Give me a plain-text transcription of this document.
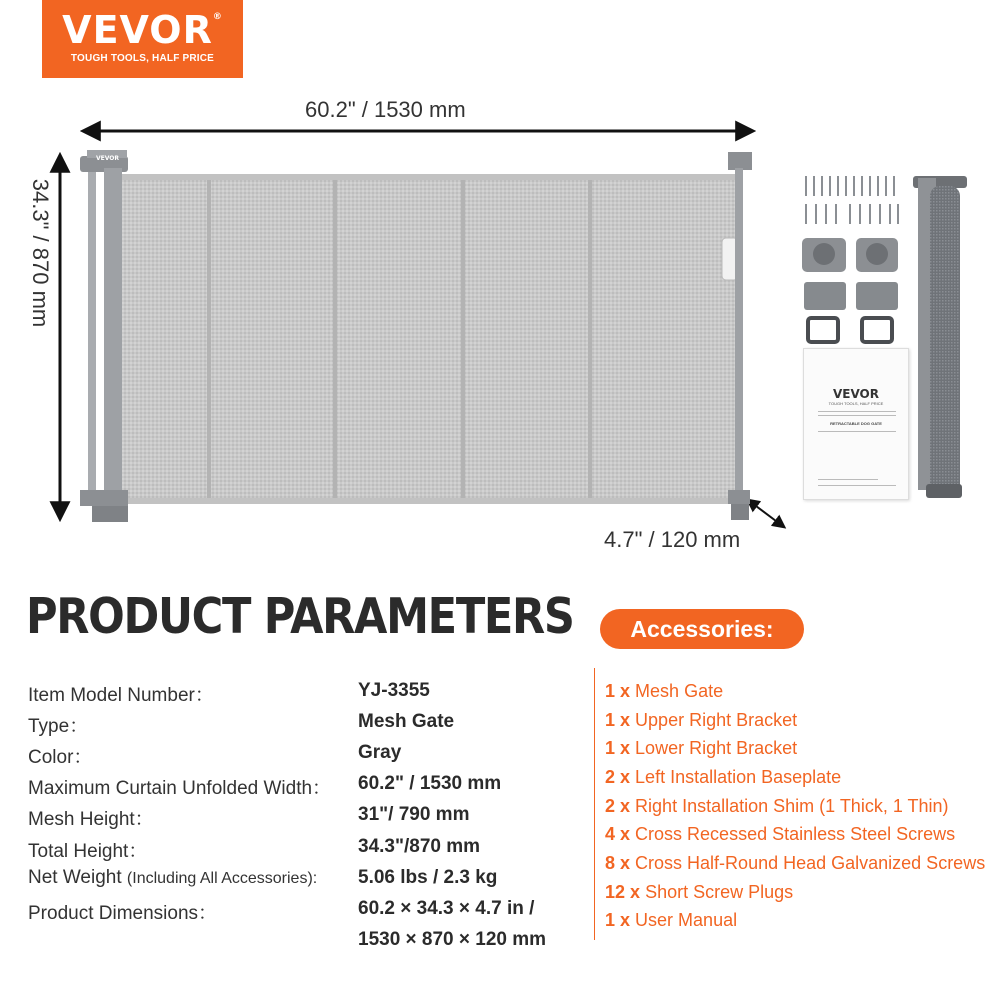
VEVOR®
TOUGH TOOLS, HALF PRICE
VEVOR
VEVOR
TOUGH TOOLS, HALF PRICE
RETRACTABLE DOG GATE
60.2" / 1530 mm
34.3" / 870 mm
4.7" / 120 mm
PRODUCT PARAMETERS
Item Model Number：	YJ-3355
Type：	Mesh Gate
Color：	Gray
Maximum Curtain Unfolded Width： 60.2" / 1530 mm
Mesh Height：	31"/ 790 mm
Total Height：	34.3"/870 mm
Net Weight (Including All Accessories): 5.06 lbs / 2.3 kg
Product Dimensions：	60.2 × 34.3 × 4.7 in /
1530 × 870 × 120 mm
Accessories:
1 x Mesh Gate
1 x Upper Right Bracket
1 x Lower Right Bracket
2 x Left Installation Baseplate
2 x Right Installation Shim (1 Thick, 1 Thin)
4 x Cross Recessed Stainless Steel Screws
8 x Cross Half-Round Head Galvanized Screws
12 x Short Screw Plugs
1 x User Manual
